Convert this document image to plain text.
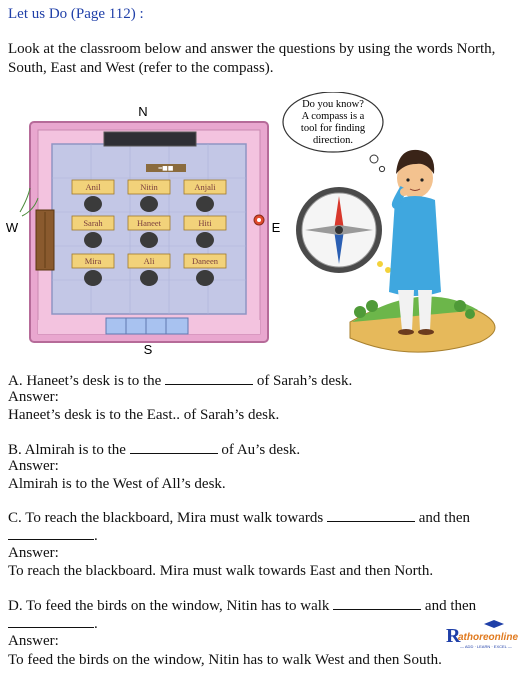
Let us Do (Page 112) :
Look at the classroom below and answer the questions by using the words North, South, East and West (refer to the compass).
N
S
W	E
═■■
Anil	Nitin	Anjali
Sarah	Haneet	Hiti
Mira	Ali	Daneen
Do you know?
A compass is a
tool for finding
direction.
A. Haneet’s desk is to the	of Sarah’s desk.
Answer:
Haneet’s desk is to the East.. of Sarah’s desk.
B. Almirah is to the	of Au’s desk.
Answer:
Almirah is to the West of All’s desk.
C. To reach the blackboard, Mira must walk towards	and then
.
Answer:
To reach the blackboard. Mira must walk towards East and then North.
D. To feed the birds on the window, Nitin has to walk	and then
.
Answer:
To feed the birds on the window, Nitin has to walk West and then South.
R
athoreonline
— ADD · LEARN · EXCEL —
